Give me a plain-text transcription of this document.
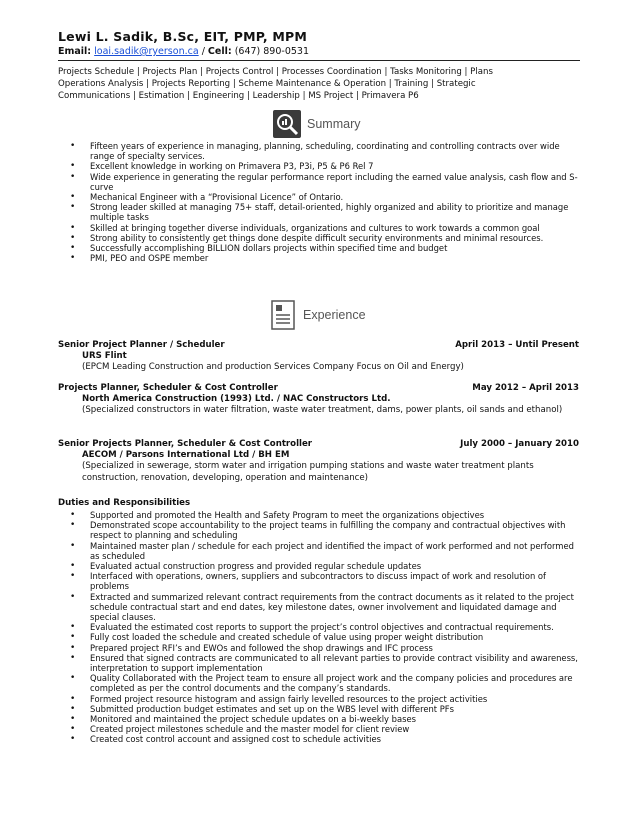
Lewi L. Sadik, B.Sc, EIT, PMP, MPM
Email: loai.sadik@ryerson.ca / Cell: (647) 890-0531
Projects Schedule | Projects Plan | Projects Control | Processes Coordination | Tasks Monitoring | Plans
Operations Analysis | Projects Reporting | Scheme Maintenance & Operation | Training | Strategic
Communications | Estimation | Engineering | Leadership | MS Project | Primavera P6
Summary
• Fifteen years of experience in managing, planning, scheduling, coordinating and controlling contracts over wide range of specialty services.
• Excellent knowledge in working on Primavera P3, P3i, P5 & P6 Rel 7
• Wide experience in generating the regular performance report including the earned value analysis, cash flow and S-curve
• Mechanical Engineer with a “Provisional Licence” of Ontario.
• Strong leader skilled at managing 75+ staff, detail-oriented, highly organized and ability to prioritize and manage multiple tasks
• Skilled at bringing together diverse individuals, organizations and cultures to work towards a common goal
• Strong ability to consistently get things done despite difficult security environments and minimal resources.
• Successfully accomplishing BILLION dollars projects within specified time and budget
• PMI, PEO and OSPE member
Experience
Senior Project Planner / Scheduler	April 2013 – Until Present
URS Flint
(EPCM Leading Construction and production Services Company Focus on Oil and Energy)
Projects Planner, Scheduler & Cost Controller	May 2012 – April 2013
North America Construction (1993) Ltd. / NAC Constructors Ltd.
(Specialized constructors in water filtration, waste water treatment, dams, power plants, oil sands and ethanol)
Senior Projects Planner, Scheduler & Cost Controller	July 2000 – January 2010
AECOM / Parsons International Ltd / BH EM
(Specialized in sewerage, storm water and irrigation pumping stations and waste water treatment plants construction, renovation, developing, operation and maintenance)
Duties and Responsibilities
• Supported and promoted the Health and Safety Program to meet the organizations objectives
• Demonstrated scope accountability to the project teams in fulfilling the company and contractual objectives with respect to planning and scheduling
• Maintained master plan / schedule for each project and identified the impact of work performed and not performed as scheduled
• Evaluated actual construction progress and provided regular schedule updates
• Interfaced with operations, owners, suppliers and subcontractors to discuss impact of work and resolution of problems
• Extracted and summarized relevant contract requirements from the contract documents as it related to the project schedule contractual start and end dates, key milestone dates, owner involvement and liquidated damage and special clauses.
• Evaluated the estimated cost reports to support the project’s control objectives and contractual requirements.
• Fully cost loaded the schedule and created schedule of value using proper weight distribution
• Prepared project RFI’s and EWOs and followed the shop drawings and IFC process
• Ensured that signed contracts are communicated to all relevant parties to provide contract visibility and awareness, interpretation to support implementation
• Quality Collaborated with the Project team to ensure all project work and the company policies and procedures are completed as per the control documents and the company’s standards.
• Formed project resource histogram and assign fairly levelled resources to the project activities
• Submitted production budget estimates and set up on the WBS level with different PFs
• Monitored and maintained the project schedule updates on a bi-weekly bases
• Created project milestones schedule and the master model for client review
• Created cost control account and assigned cost to schedule activities
